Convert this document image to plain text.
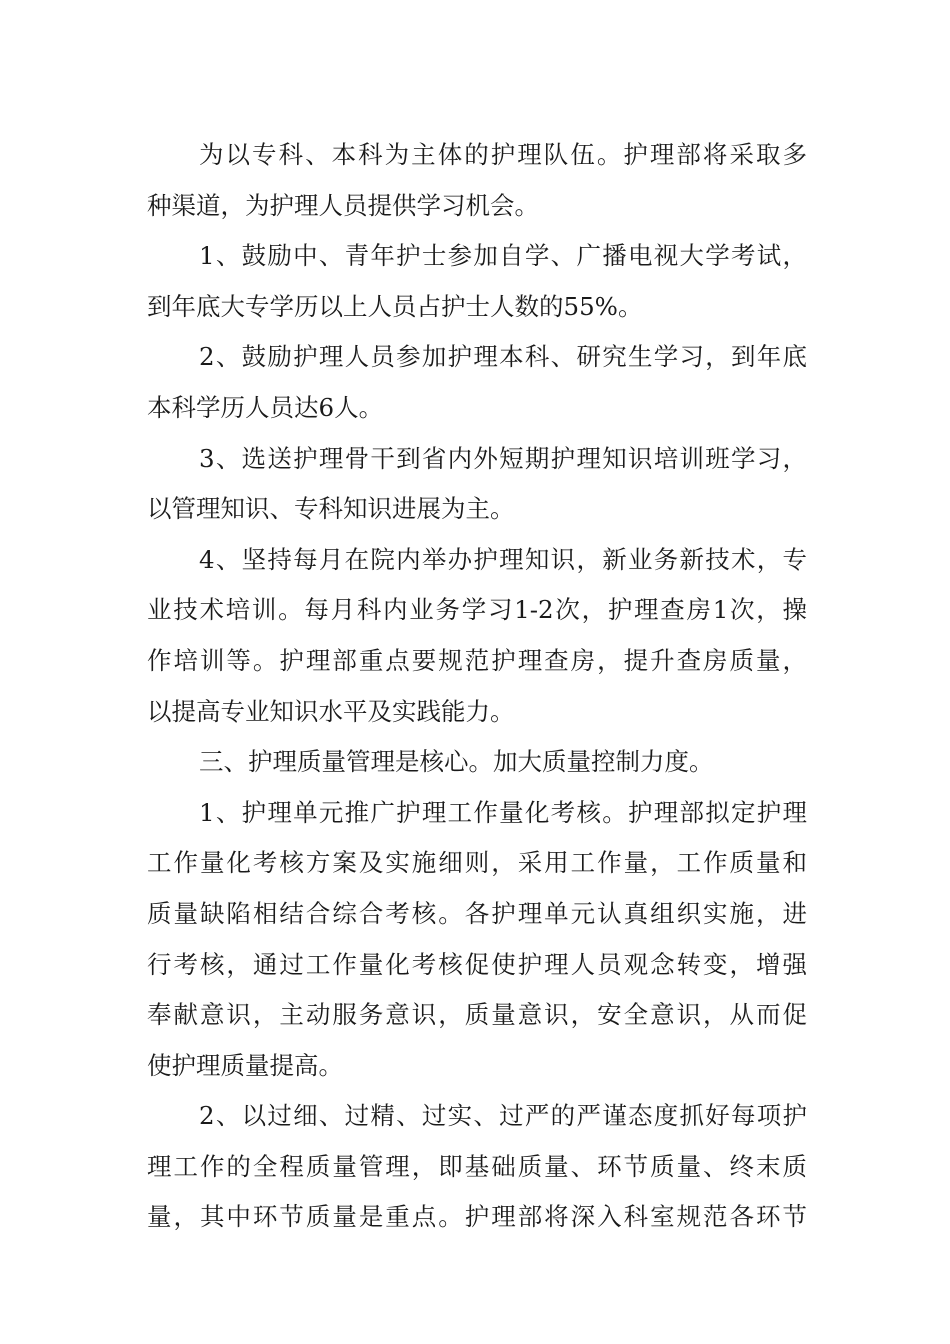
为以专科、本科为主体的护理队伍。护理部将采取多
种渠道，为护理人员提供学习机会。
1、鼓励中、青年护士参加自学、广播电视大学考试，
到年底大专学历以上人员占护士人数的55%。
2、鼓励护理人员参加护理本科、研究生学习，到年底
本科学历人员达6人。
3、选送护理骨干到省内外短期护理知识培训班学习，
以管理知识、专科知识进展为主。
4、坚持每月在院内举办护理知识，新业务新技术，专
业技术培训。每月科内业务学习1-2次，护理查房1次，操
作培训等。护理部重点要规范护理查房，提升查房质量，
以提高专业知识水平及实践能力。
三、护理质量管理是核心。加大质量控制力度。
1、护理单元推广护理工作量化考核。护理部拟定护理
工作量化考核方案及实施细则，采用工作量，工作质量和
质量缺陷相结合综合考核。各护理单元认真组织实施，进
行考核，通过工作量化考核促使护理人员观念转变，增强
奉献意识，主动服务意识，质量意识，安全意识，从而促
使护理质量提高。
2、以过细、过精、过实、过严的严谨态度抓好每项护
理工作的全程质量管理，即基础质量、环节质量、终末质
量，其中环节质量是重点。护理部将深入科室规范各环节
